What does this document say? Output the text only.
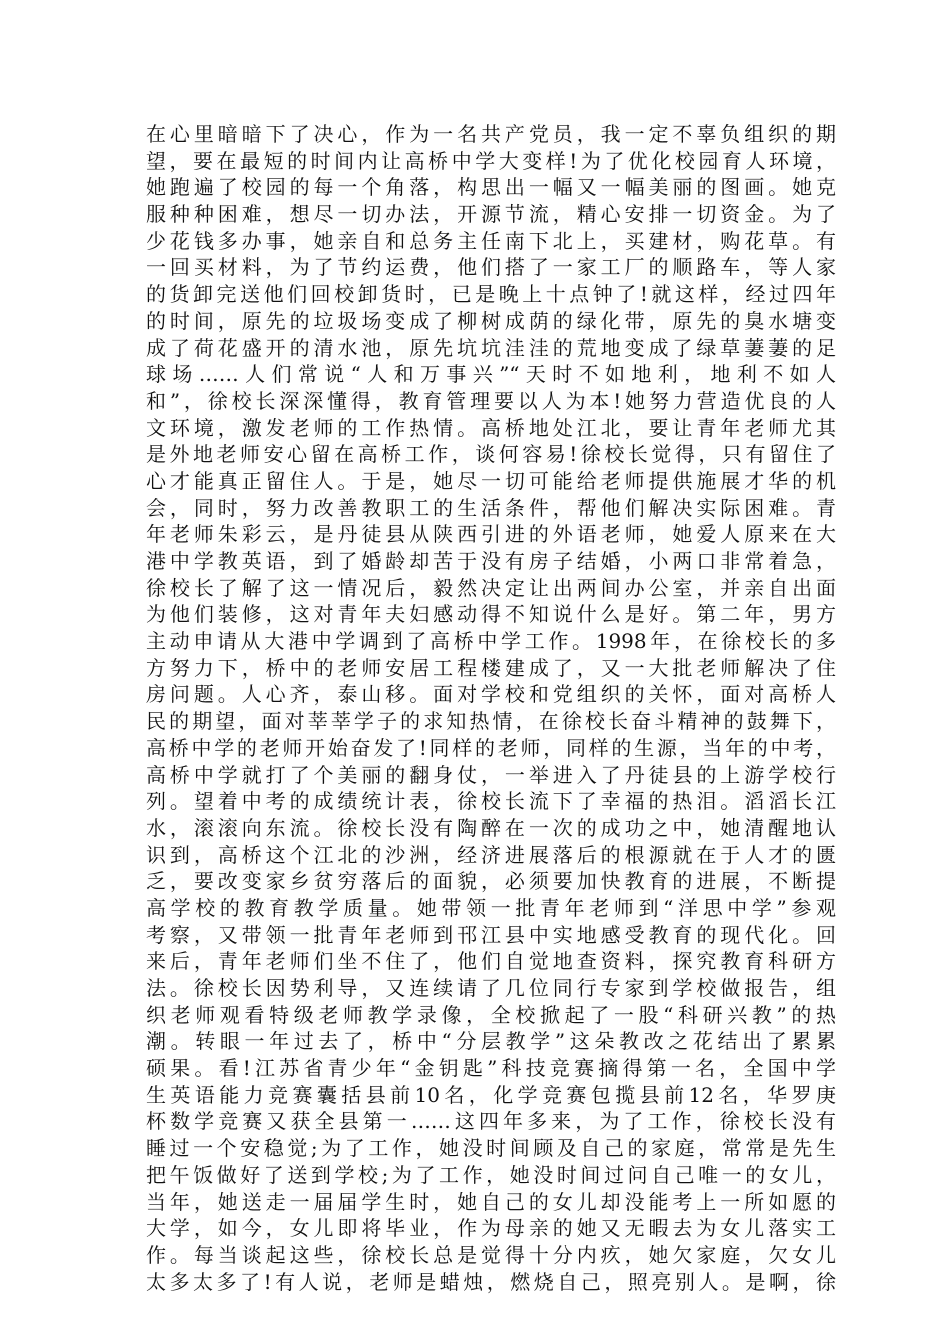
在心里暗暗下了决心，作为一名共产党员，我一定不辜负组织的期
望，要在最短的时间内让高桥中学大变样!为了优化校园育人环境，
她跑遍了校园的每一个角落，构思出一幅又一幅美丽的图画。她克
服种种困难，想尽一切办法，开源节流，精心安排一切资金。为了
少花钱多办事，她亲自和总务主任南下北上，买建材，购花草。有
一回买材料，为了节约运费，他们搭了一家工厂的顺路车，等人家
的货卸完送他们回校卸货时，已是晚上十点钟了!就这样，经过四年
的时间，原先的垃圾场变成了柳树成荫的绿化带，原先的臭水塘变
成了荷花盛开的清水池，原先坑坑洼洼的荒地变成了绿草萋萋的足
球场……人们常说“人和万事兴”“天时不如地利，地利不如人
和”，徐校长深深懂得，教育管理要以人为本!她努力营造优良的人
文环境，激发老师的工作热情。高桥地处江北，要让青年老师尤其
是外地老师安心留在高桥工作，谈何容易!徐校长觉得，只有留住了
心才能真正留住人。于是，她尽一切可能给老师提供施展才华的机
会，同时，努力改善教职工的生活条件，帮他们解决实际困难。青
年老师朱彩云，是丹徒县从陕西引进的外语老师，她爱人原来在大
港中学教英语，到了婚龄却苦于没有房子结婚，小两口非常着急，
徐校长了解了这一情况后，毅然决定让出两间办公室，并亲自出面
为他们装修，这对青年夫妇感动得不知说什么是好。第二年，男方
主动申请从大港中学调到了高桥中学工作。1998年，在徐校长的多
方努力下，桥中的老师安居工程楼建成了，又一大批老师解决了住
房问题。人心齐，泰山移。面对学校和党组织的关怀，面对高桥人
民的期望，面对莘莘学子的求知热情，在徐校长奋斗精神的鼓舞下，
高桥中学的老师开始奋发了!同样的老师，同样的生源，当年的中考，
高桥中学就打了个美丽的翻身仗，一举进入了丹徒县的上游学校行
列。望着中考的成绩统计表，徐校长流下了幸福的热泪。滔滔长江
水，滚滚向东流。徐校长没有陶醉在一次的成功之中，她清醒地认
识到，高桥这个江北的沙洲，经济进展落后的根源就在于人才的匮
乏，要改变家乡贫穷落后的面貌，必须要加快教育的进展，不断提
高学校的教育教学质量。她带领一批青年老师到“洋思中学”参观
考察，又带领一批青年老师到邗江县中实地感受教育的现代化。回
来后，青年老师们坐不住了，他们自觉地查资料，探究教育科研方
法。徐校长因势利导，又连续请了几位同行专家到学校做报告，组
织老师观看特级老师教学录像，全校掀起了一股“科研兴教”的热
潮。转眼一年过去了，桥中“分层教学”这朵教改之花结出了累累
硕果。看!江苏省青少年“金钥匙”科技竞赛摘得第一名，全国中学
生英语能力竞赛囊括县前10名，化学竞赛包揽县前12名，华罗庚
杯数学竞赛又获全县第一……这四年多来，为了工作，徐校长没有
睡过一个安稳觉;为了工作，她没时间顾及自己的家庭，常常是先生
把午饭做好了送到学校;为了工作，她没时间过问自己唯一的女儿，
当年，她送走一届届学生时，她自己的女儿却没能考上一所如愿的
大学，如今，女儿即将毕业，作为母亲的她又无暇去为女儿落实工
作。每当谈起这些，徐校长总是觉得十分内疚，她欠家庭，欠女儿
太多太多了!有人说，老师是蜡烛，燃烧自己，照亮别人。是啊，徐
